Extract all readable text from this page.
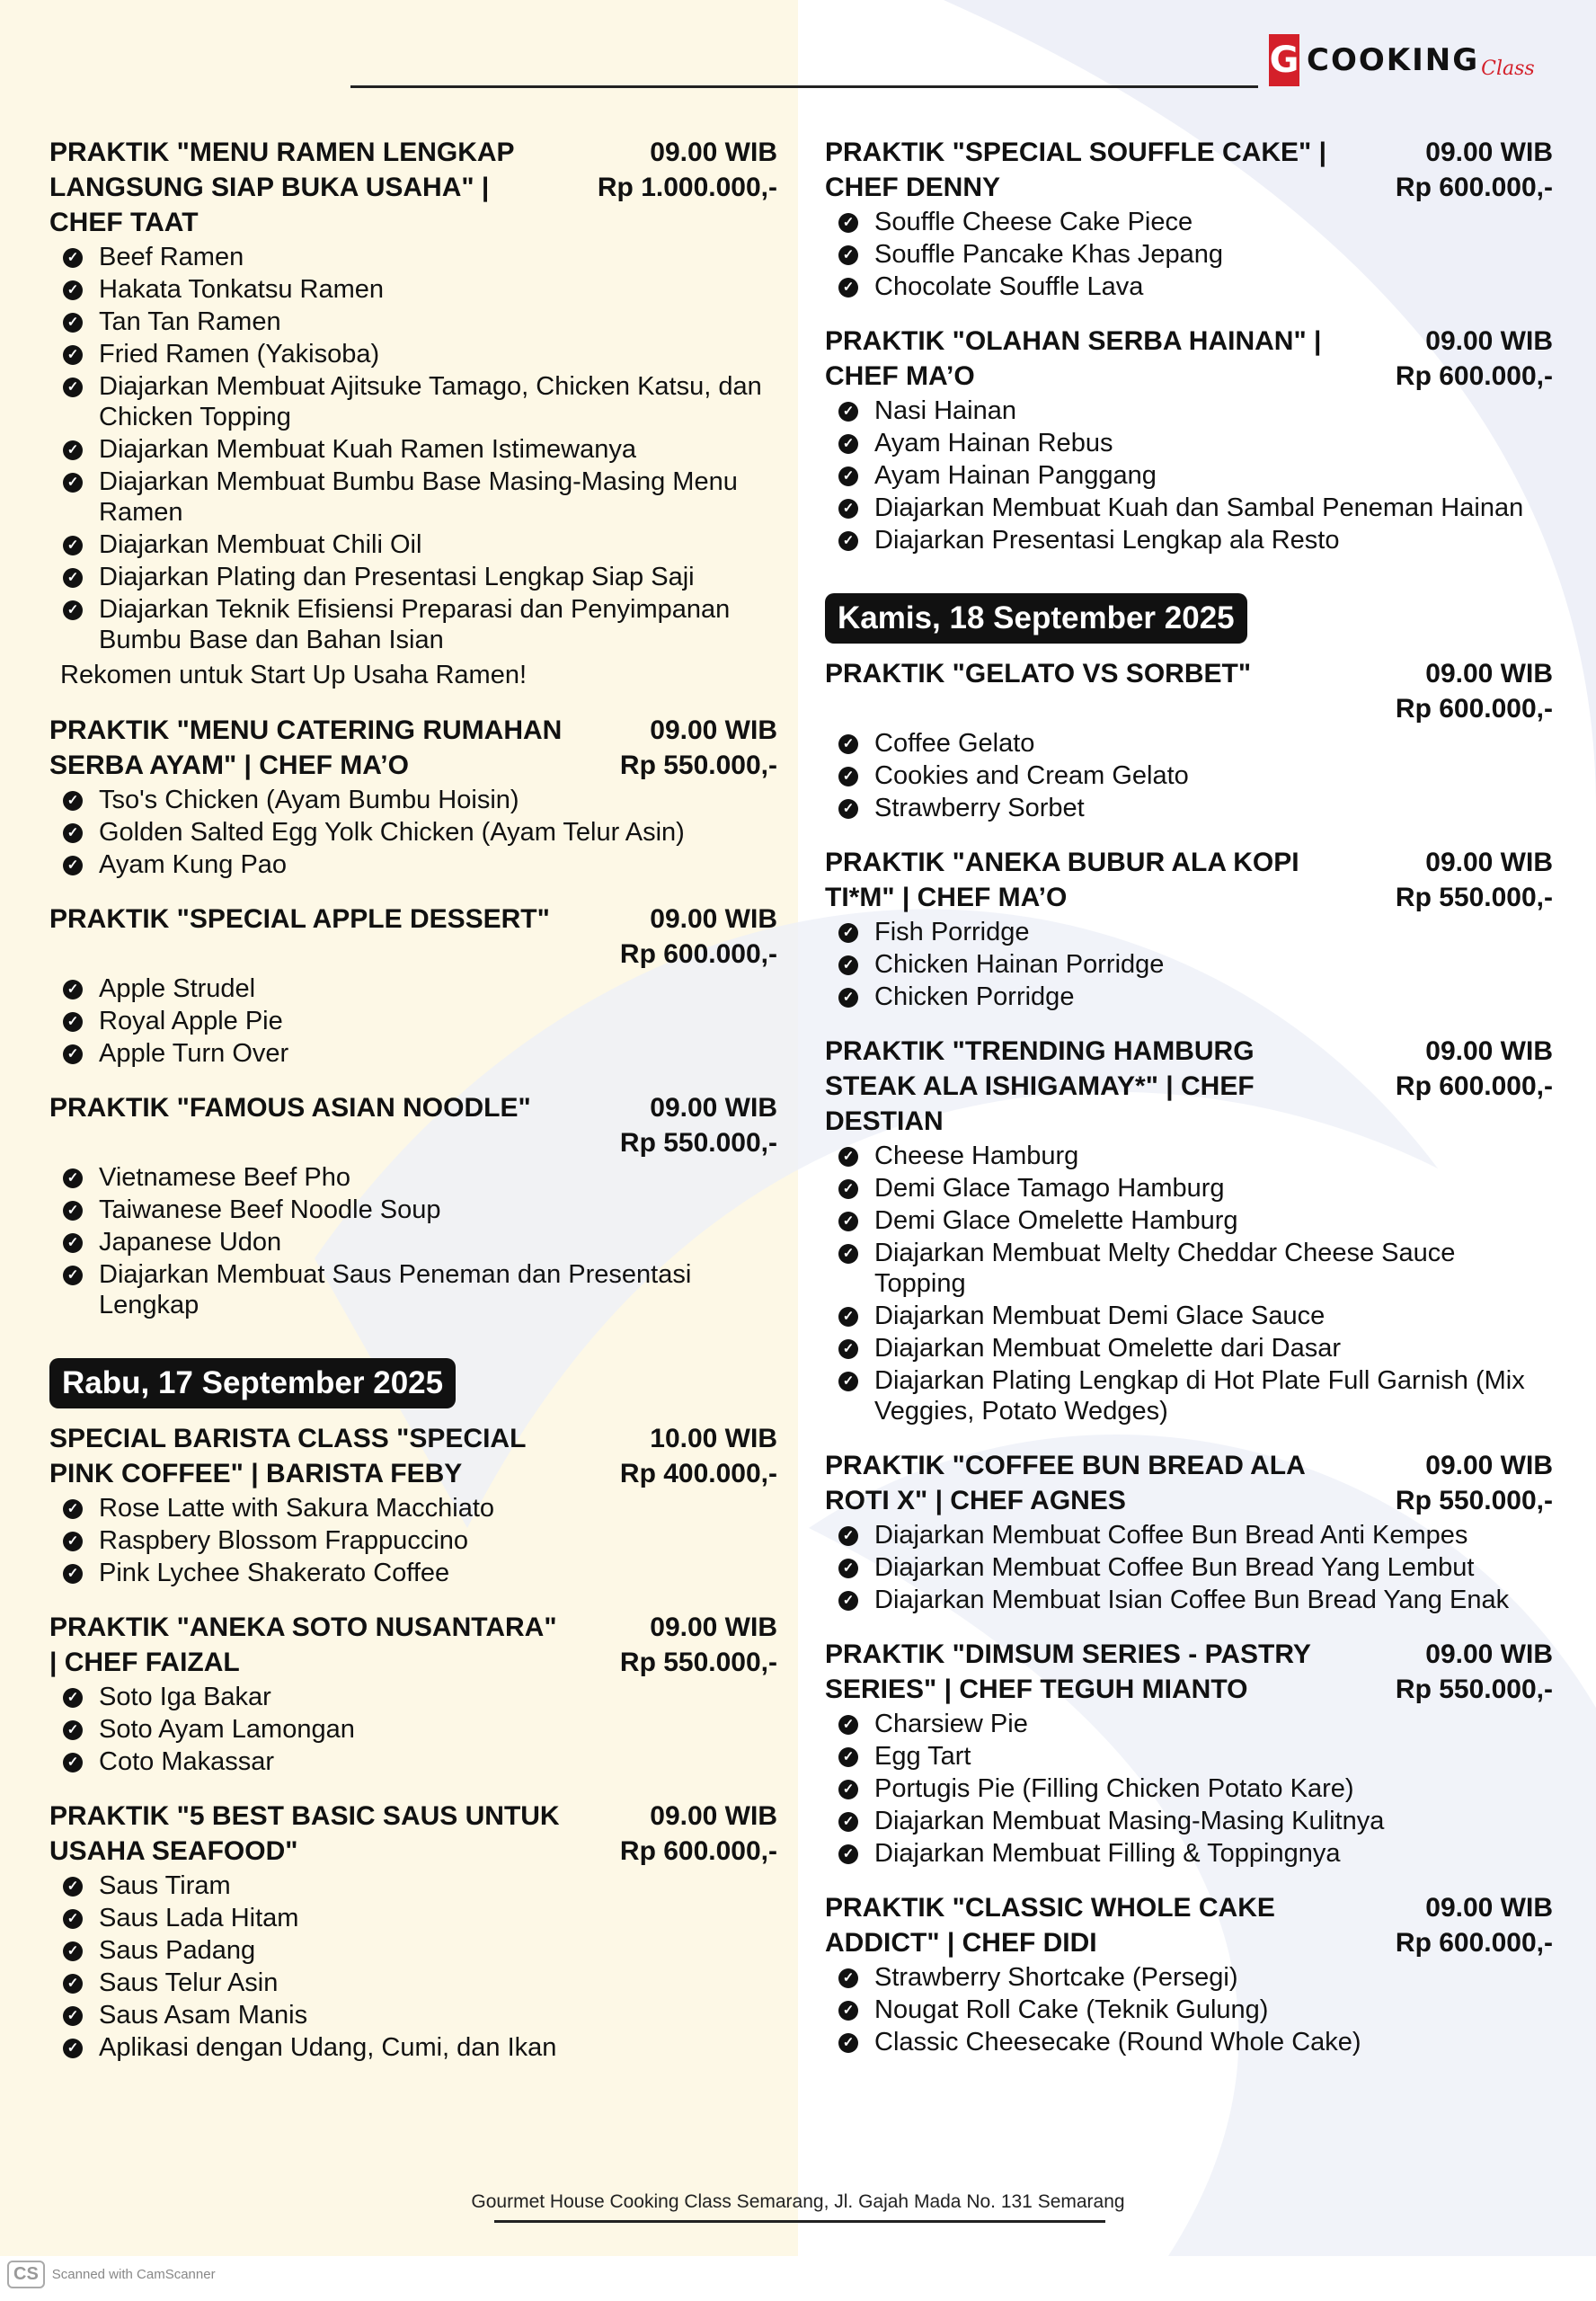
G COOKING Class
PRAKTIK "MENU RAMEN LENGKAP LANGSUNG SIAP BUKA USAHA" | CHEF TAAT
09.00 WIB
Rp 1.000.000,-
✓ Beef Ramen
✓ Hakata Tonkatsu Ramen
✓ Tan Tan Ramen
✓ Fried Ramen (Yakisoba)
✓ Diajarkan Membuat Ajitsuke Tamago, Chicken Katsu, dan Chicken Topping
✓ Diajarkan Membuat Kuah Ramen Istimewanya
✓ Diajarkan Membuat Bumbu Base Masing-Masing Menu Ramen
✓ Diajarkan Membuat Chili Oil
✓ Diajarkan Plating dan Presentasi Lengkap Siap Saji
✓ Diajarkan Teknik Efisiensi Preparasi dan Penyimpanan Bumbu Base dan Bahan Isian
Rekomen untuk Start Up Usaha Ramen!
PRAKTIK "MENU CATERING RUMAHAN SERBA AYAM" | CHEF MA’O
09.00 WIB
Rp 550.000,-
✓ Tso's Chicken (Ayam Bumbu Hoisin)
✓ Golden Salted Egg Yolk Chicken (Ayam Telur Asin)
✓ Ayam Kung Pao
PRAKTIK "SPECIAL APPLE DESSERT"	09.00 WIB
Rp 600.000,-
✓ Apple Strudel
✓ Royal Apple Pie
✓ Apple Turn Over
PRAKTIK "FAMOUS ASIAN NOODLE"	09.00 WIB
Rp 550.000,-
✓ Vietnamese Beef Pho
✓ Taiwanese Beef Noodle Soup
✓ Japanese Udon
✓ Diajarkan Membuat Saus Peneman dan Presentasi Lengkap
Rabu, 17 September 2025
SPECIAL BARISTA CLASS "SPECIAL PINK COFFEE" | BARISTA FEBY
10.00 WIB
Rp 400.000,-
✓ Rose Latte with Sakura Macchiato
✓ Raspbery Blossom Frappuccino
✓ Pink Lychee Shakerato Coffee
PRAKTIK "ANEKA SOTO NUSANTARA" | CHEF FAIZAL
09.00 WIB
Rp 550.000,-
✓ Soto Iga Bakar
✓ Soto Ayam Lamongan
✓ Coto Makassar
PRAKTIK "5 BEST BASIC SAUS UNTUK USAHA SEAFOOD"
09.00 WIB
Rp 600.000,-
✓ Saus Tiram
✓ Saus Lada Hitam
✓ Saus Padang
✓ Saus Telur Asin
✓ Saus Asam Manis
✓ Aplikasi dengan Udang, Cumi, dan Ikan
PRAKTIK "SPECIAL SOUFFLE CAKE" | CHEF DENNY
09.00 WIB
Rp 600.000,-
✓ Souffle Cheese Cake Piece
✓ Souffle Pancake Khas Jepang
✓ Chocolate Souffle Lava
PRAKTIK "OLAHAN SERBA HAINAN" | CHEF MA’O
09.00 WIB
Rp 600.000,-
✓ Nasi Hainan
✓ Ayam Hainan Rebus
✓ Ayam Hainan Panggang
✓ Diajarkan Membuat Kuah dan Sambal Peneman Hainan
✓ Diajarkan Presentasi Lengkap ala Resto
Kamis, 18 September 2025
PRAKTIK "GELATO VS SORBET"	09.00 WIB
Rp 600.000,-
✓ Coffee Gelato
✓ Cookies and Cream Gelato
✓ Strawberry Sorbet
PRAKTIK "ANEKA BUBUR ALA KOPI TI*M" | CHEF MA’O
09.00 WIB
Rp 550.000,-
✓ Fish Porridge
✓ Chicken Hainan Porridge
✓ Chicken Porridge
PRAKTIK "TRENDING HAMBURG STEAK ALA ISHIGAMAY*" | CHEF DESTIAN
09.00 WIB
Rp 600.000,-
✓ Cheese Hamburg
✓ Demi Glace Tamago Hamburg
✓ Demi Glace Omelette Hamburg
✓ Diajarkan Membuat Melty Cheddar Cheese Sauce Topping
✓ Diajarkan Membuat Demi Glace Sauce
✓ Diajarkan Membuat Omelette dari Dasar
✓ Diajarkan Plating Lengkap di Hot Plate Full Garnish (Mix Veggies, Potato Wedges)
PRAKTIK "COFFEE BUN BREAD ALA ROTI X" | CHEF AGNES
09.00 WIB
Rp 550.000,-
✓ Diajarkan Membuat Coffee Bun Bread Anti Kempes
✓ Diajarkan Membuat Coffee Bun Bread Yang Lembut
✓ Diajarkan Membuat Isian Coffee Bun Bread Yang Enak
PRAKTIK "DIMSUM SERIES - PASTRY SERIES" | CHEF TEGUH MIANTO
09.00 WIB
Rp 550.000,-
✓ Charsiew Pie
✓ Egg Tart
✓ Portugis Pie (Filling Chicken Potato Kare)
✓ Diajarkan Membuat Masing-Masing Kulitnya
✓ Diajarkan Membuat Filling & Toppingnya
PRAKTIK "CLASSIC WHOLE CAKE ADDICT" | CHEF DIDI
09.00 WIB
Rp 600.000,-
✓ Strawberry Shortcake (Persegi)
✓ Nougat Roll Cake (Teknik Gulung)
✓ Classic Cheesecake (Round Whole Cake)
Gourmet House Cooking Class Semarang, Jl. Gajah Mada No. 131 Semarang
CS	Scanned with CamScanner
